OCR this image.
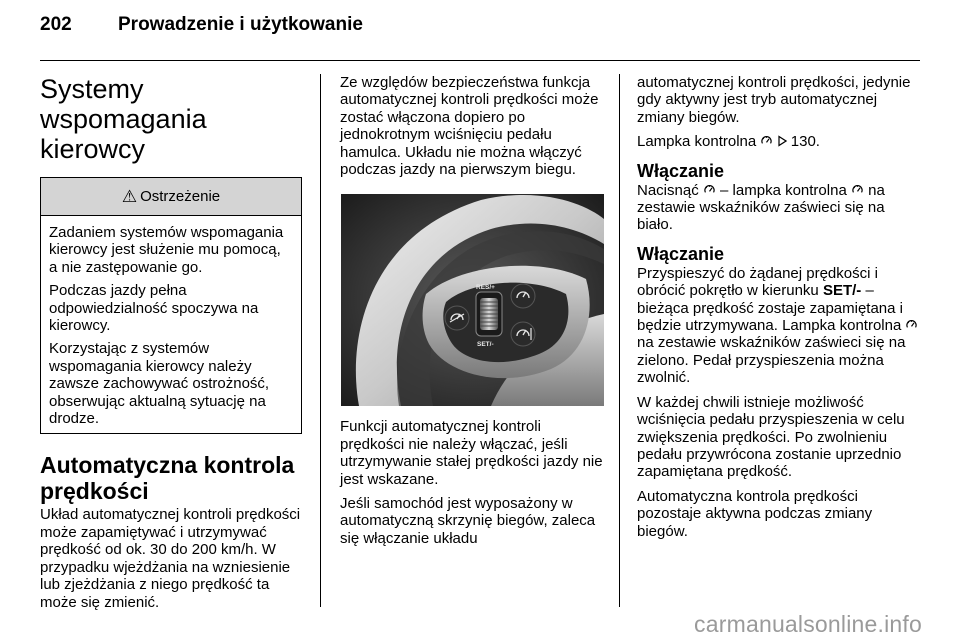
202 Prowadzenie i użytkowanie
Systemy wspomagania
kierowcy
⚠ Ostrzeżenie

Zadaniem systemów wspomagania kierowcy jest służenie mu pomocą, a nie zastępowanie go.

Podczas jazdy pełna odpowiedzialność spoczywa na kierowcy.

Korzystając z systemów wspomagania kierowcy należy zawsze zachowywać ostrożność, obserwując aktualną sytuację na drodze.

Automatyczna kontrola
prędkości

Układ automatycznej kontroli prędkości może zapamiętywać i utrzymywać prędkość od ok. 30 do 200 km/h. W przypadku wjeżdżania na wzniesienie lub zjeżdżania z niego prędkość ta może się zmienić.

Ze względów bezpieczeństwa funkcja automatycznej kontroli prędkości może zostać włączona dopiero po jednokrotnym wciśnięciu pedału hamulca. Układu nie można włączyć podczas jazdy na pierwszym biegu.

RES/+
SET/-

Funkcji automatycznej kontroli prędkości nie należy włączać, jeśli utrzymywanie stałej prędkości jazdy nie jest wskazane.

Jeśli samochód jest wyposażony w automatyczną skrzynię biegów, zaleca się włączanie układu

automatycznej kontroli prędkości, jedynie gdy aktywny jest tryb automatycznej zmiany biegów.

Lampka kontrolna 130.

Włączanie

Nacisnąć – lampka kontrolna na zestawie wskaźników zaświeci się na biało.

Włączanie

Przyspieszyć do żądanej prędkości i obrócić pokrętło w kierunku SET/- – bieżąca prędkość zostaje zapamiętana i będzie utrzymywana. Lampka kontrolna  na zestawie wskaźników zaświeci się na zielono. Pedał przyspieszenia można zwolnić.

W każdej chwili istnieje możliwość wciśnięcia pedału przyspieszenia w celu zwiększenia prędkości. Po zwolnieniu pedału przywrócona zostanie uprzednio zapamiętana prędkość.

Automatyczna kontrola prędkości pozostaje aktywna podczas zmiany biegów.

carmanualsonline.info
